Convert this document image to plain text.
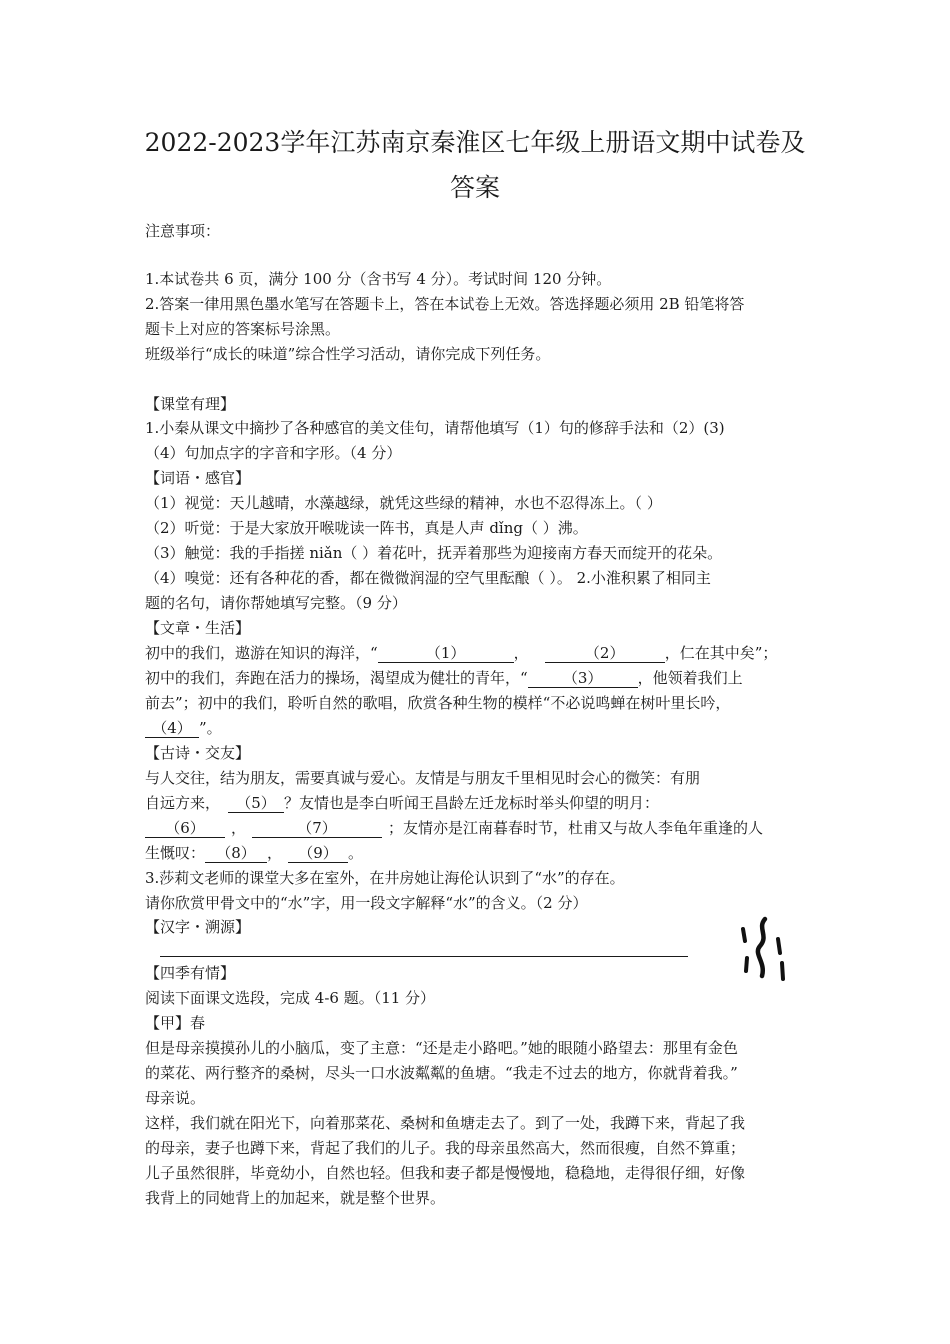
2022-2023学年江苏南京秦淮区七年级上册语文期中试卷及
答案
注意事项：
1.本试卷共 6 页，满分 100 分（含书写 4 分）。考试时间 120 分钟。
2.答案一律用黑色墨水笔写在答题卡上，答在本试卷上无效。答选择题必须用 2B 铅笔将答
题卡上对应的答案标号涂黑。
班级举行“成长的味道”综合性学习活动，请你完成下列任务。
【课堂有理】
1.小秦从课文中摘抄了各种感官的美文佳句，请帮他填写（1）句的修辞手法和（2）(3)
（4）句加点字的字音和字形。（4 分）
【词语・感官】
（1）视觉：天儿越晴，水藻越绿，就凭这些绿的精神，水也不忍得冻上。（ ）
（2）听觉：于是大家放开喉咙读一阵书，真是人声 dǐng（ ）沸。
（3）触觉：我的手指搓 niǎn（ ）着花叶，抚弄着那些为迎接南方春天而绽开的花朵。
（4）嗅觉：还有各种花的香，都在微微润湿的空气里酝酿（ ）。 2.小淮积累了相同主
题的名句，请你帮她填写完整。（9 分）
【文章・生活】
初中的我们，遨游在知识的海洋，“	（1）	，	（2）	，仁在其中矣”；
初中的我们，奔跑在活力的操场，渴望成为健壮的青年，“ （3） ，他领着我们上
前去”；初中的我们，聆听自然的歌唱，欣赏各种生物的模样“不必说鸣蝉在树叶里长吟，
（4） ”。
【古诗・交友】
与人交往，结为朋友，需要真诚与爱心。友情是与朋友千里相见时会心的微笑：有朋
自远方来， （5） ？友情也是李白听闻王昌龄左迁龙标时举头仰望的明月：
（6） ，	（7）	；友情亦是江南暮春时节，杜甫又与故人李龟年重逢的人
生慨叹： （8） ， （9） 。
3.莎莉文老师的课堂大多在室外，在井房她让海伦认识到了“水”的存在。
请你欣赏甲骨文中的“水”字，用一段文字解释“水”的含义。（2 分）
【汉字・溯源】
【四季有情】
阅读下面课文选段，完成 4-6 题。（11 分）
【甲】春
但是母亲摸摸孙儿的小脑瓜，变了主意：“还是走小路吧。”她的眼随小路望去：那里有金色
的菜花、两行整齐的桑树，尽头一口水波粼粼的鱼塘。“我走不过去的地方，你就背着我。”
母亲说。
这样，我们就在阳光下，向着那菜花、桑树和鱼塘走去了。到了一处，我蹲下来，背起了我
的母亲，妻子也蹲下来，背起了我们的儿子。我的母亲虽然高大，然而很瘦，自然不算重；
儿子虽然很胖，毕竟幼小，自然也轻。但我和妻子都是慢慢地，稳稳地，走得很仔细，好像
我背上的同她背上的加起来，就是整个世界。
